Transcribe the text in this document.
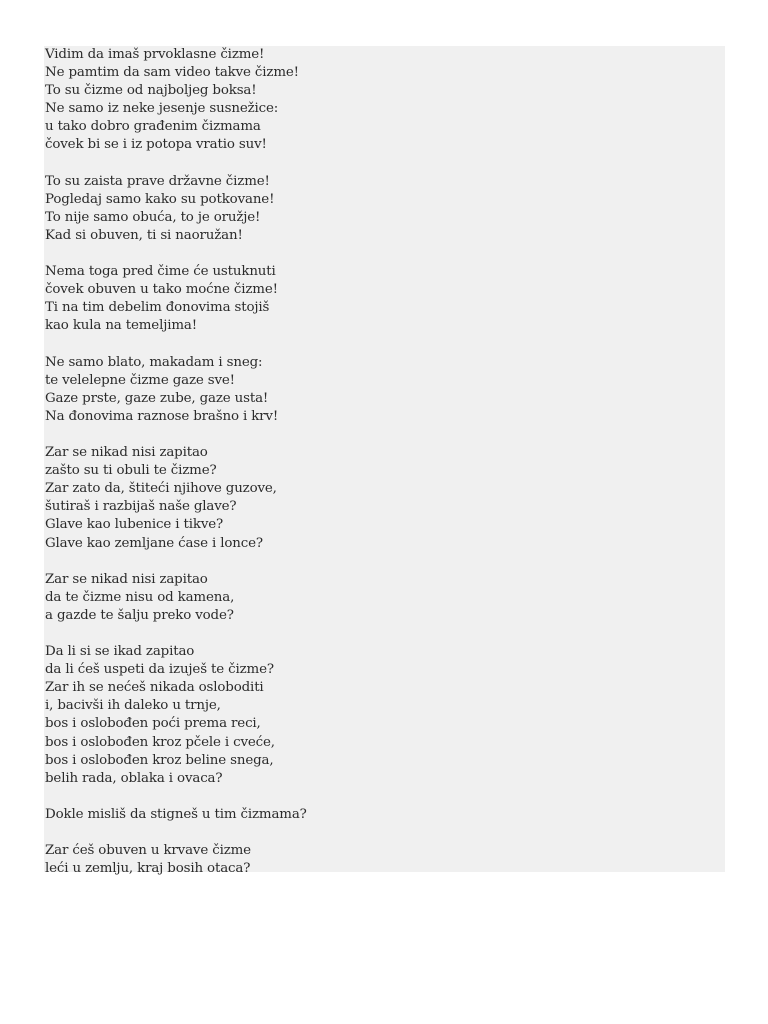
Vidim da imaš prvoklasne čizme!
Ne pamtim da sam video takve čizme!
To su čizme od najboljeg boksa!
Ne samo iz neke jesenje susnežice:
u tako dobro građenim čizmama
čovek bi se i iz potopa vratio suv!
To su zaista prave državne čizme!
Pogledaj samo kako su potkovane!
To nije samo obuća, to je oružje!
Kad si obuven, ti si naoružan!
Nema toga pred čime će ustuknuti
čovek obuven u tako moćne čizme!
Ti na tim debelim đonovima stojiš
kao kula na temeljima!
Ne samo blato, makadam i sneg:
te velelepne čizme gaze sve!
Gaze prste, gaze zube, gaze usta!
Na đonovima raznose brašno i krv!
Zar se nikad nisi zapitao
zašto su ti obuli te čizme?
Zar zato da, štiteći njihove guzove,
šutiraš i razbijaš naše glave?
Glave kao lubenice i tikve?
Glave kao zemljane ćase i lonce?
Zar se nikad nisi zapitao
da te čizme nisu od kamena,
a gazde te šalju preko vode?
Da li si se ikad zapitao
da li ćeš uspeti da izuješ te čizme?
Zar ih se nećeš nikada osloboditi
i, bacivši ih daleko u trnje,
bos i oslobođen poći prema reci,
bos i oslobođen kroz pčele i cveće,
bos i oslobođen kroz beline snega,
belih rada, oblaka i ovaca?
Dokle misliš da stigneš u tim čizmama?
Zar ćeš obuven u krvave čizme
leći u zemlju, kraj bosih otaca?
